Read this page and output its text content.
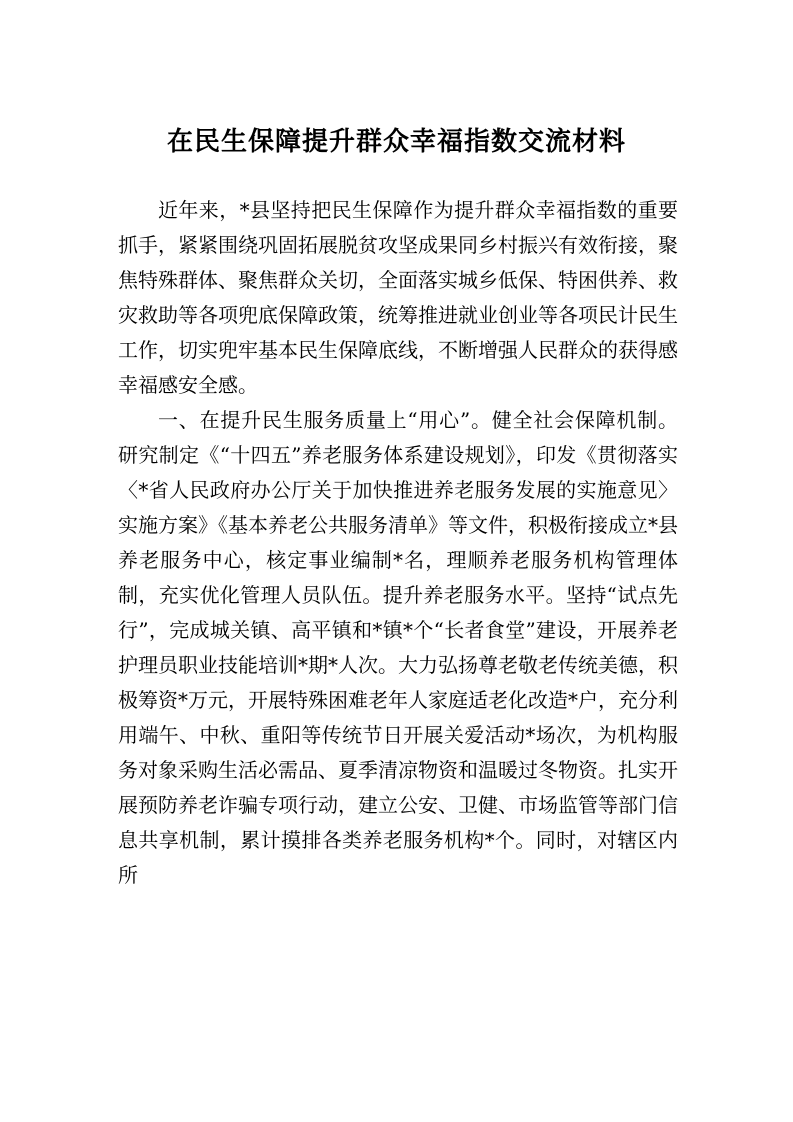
在民生保障提升群众幸福指数交流材料

近年来，*县坚持把民生保障作为提升群众幸福指数的重要抓手，紧紧围绕巩固拓展脱贫攻坚成果同乡村振兴有效衔接，聚焦特殊群体、聚焦群众关切，全面落实城乡低保、特困供养、救灾救助等各项兜底保障政策，统筹推进就业创业等各项民计民生工作，切实兜牢基本民生保障底线，不断增强人民群众的获得感幸福感安全感。

一、在提升民生服务质量上“用心”。健全社会保障机制。研究制定《“十四五”养老服务体系建设规划》，印发《贯彻落实〈*省人民政府办公厅关于加快推进养老服务发展的实施意见〉实施方案》《基本养老公共服务清单》等文件，积极衔接成立*县养老服务中心，核定事业编制*名，理顺养老服务机构管理体制，充实优化管理人员队伍。提升养老服务水平。坚持“试点先行”，完成城关镇、高平镇和*镇*个“长者食堂”建设，开展养老护理员职业技能培训*期*人次。大力弘扬尊老敬老传统美德，积极筹资*万元，开展特殊困难老年人家庭适老化改造*户，充分利用端午、中秋、重阳等传统节日开展关爱活动*场次，为机构服务对象采购生活必需品、夏季清凉物资和温暖过冬物资。扎实开展预防养老诈骗专项行动，建立公安、卫健、市场监管等部门信息共享机制，累计摸排各类养老服务机构*个。同时，对辖区内所
